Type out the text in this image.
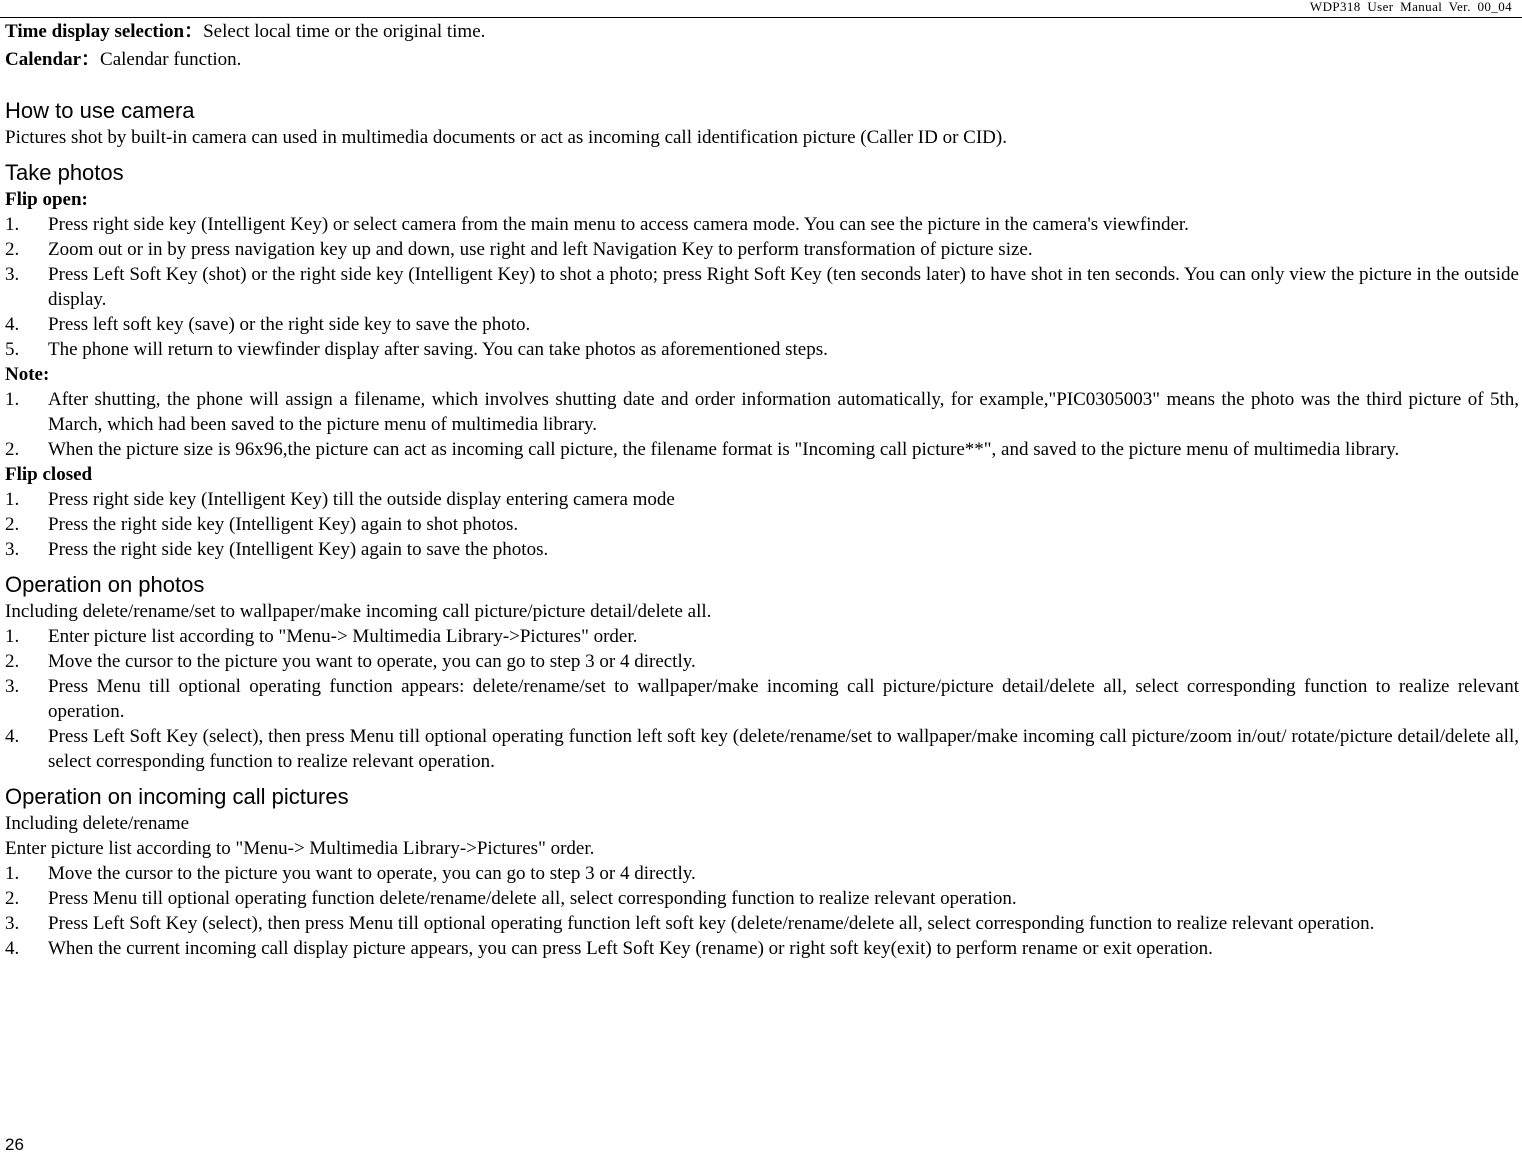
WDP318 User Manual Ver. 00_04

Time display selection：Select local time or the original time.

Calendar：Calendar function.

How to use camera

Pictures shot by built-in camera can used in multimedia documents or act as incoming call identification picture (Caller ID or CID).

Take photos

Flip open:

1. Press right side key (Intelligent Key) or select camera from the main menu to access camera mode. You can see the picture in the camera's viewfinder.

2. Zoom out or in by press navigation key up and down, use right and left Navigation Key to perform transformation of picture size.

3. Press Left Soft Key (shot) or the right side key (Intelligent Key) to shot a photo; press Right Soft Key (ten seconds later) to have shot in ten seconds. You can only view the picture in the outside display.

4. Press left soft key (save) or the right side key to save the photo.

5. The phone will return to viewfinder display after saving. You can take photos as aforementioned steps.

Note:

1. After shutting, the phone will assign a filename, which involves shutting date and order information automatically, for example,"PIC0305003" means the photo was the third picture of 5th, March, which had been saved to the picture menu of multimedia library.

2. When the picture size is 96x96,the picture can act as incoming call picture, the filename format is "Incoming call picture**", and saved to the picture menu of multimedia library.

Flip closed

1. Press right side key (Intelligent Key) till the outside display entering camera mode

2. Press the right side key (Intelligent Key) again to shot photos.

3. Press the right side key (Intelligent Key) again to save the photos.

Operation on photos

Including delete/rename/set to wallpaper/make incoming call picture/picture detail/delete all.

1. Enter picture list according to "Menu-> Multimedia Library->Pictures" order.

2. Move the cursor to the picture you want to operate, you can go to step 3 or 4 directly.

3. Press Menu till optional operating function appears: delete/rename/set to wallpaper/make incoming call picture/picture detail/delete all, select corresponding function to realize relevant operation.

4. Press Left Soft Key (select), then press Menu till optional operating function left soft key (delete/rename/set to wallpaper/make incoming call picture/zoom in/out/ rotate/picture detail/delete all, select corresponding function to realize relevant operation.

Operation on incoming call pictures

Including delete/rename

Enter picture list according to "Menu-> Multimedia Library->Pictures" order.

1. Move the cursor to the picture you want to operate, you can go to step 3 or 4 directly.

2. Press Menu till optional operating function delete/rename/delete all, select corresponding function to realize relevant operation.

3. Press Left Soft Key (select), then press Menu till optional operating function left soft key (delete/rename/delete all, select corresponding function to realize relevant operation.

4. When the current incoming call display picture appears, you can press Left Soft Key (rename) or right soft key(exit) to perform rename or exit operation.

26
